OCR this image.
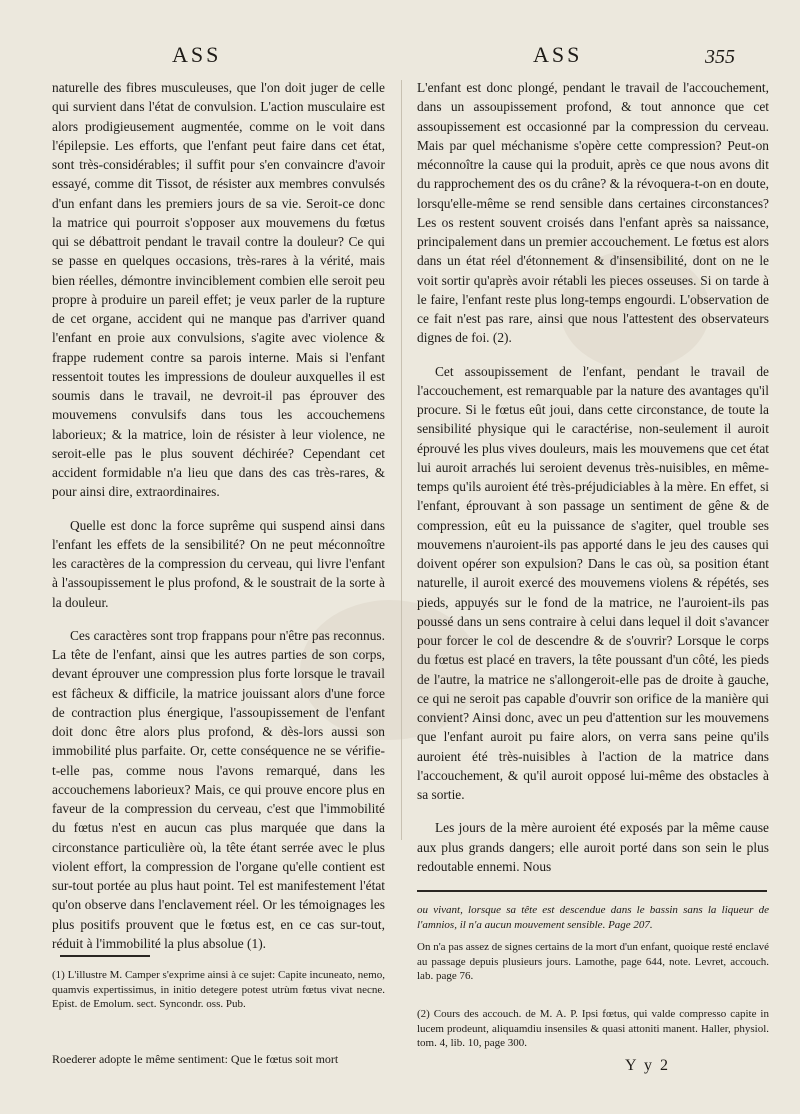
ASS	ASS	355

naturelle des fibres musculeuses, que l'on doit juger de celle qui survient dans l'état de convulsion. L'action musculaire est alors prodigieusement augmentée, comme on le voit dans l'épilepsie. Les efforts, que l'enfant peut faire dans cet état, sont très-considérables; il suffit pour s'en convaincre d'avoir essayé, comme dit Tissot, de résister aux membres convulsés d'un enfant dans les premiers jours de sa vie. Seroit-ce donc la matrice qui pourroit s'opposer aux mouvemens du fœtus qui se débattroit pendant le travail contre la douleur? Ce qui se passe en quelques occasions, très-rares à la vérité, mais bien réelles, démontre invinciblement combien elle seroit peu propre à produire un pareil effet; je veux parler de la rupture de cet organe, accident qui ne manque pas d'arriver quand l'enfant en proie aux convulsions, s'agite avec violence & frappe rudement contre sa parois interne. Mais si l'enfant ressentoit toutes les impressions de douleur auxquelles il est soumis dans le travail, ne devroit-il pas éprouver des mouvemens convulsifs dans tous les accouchemens laborieux; & la matrice, loin de résister à leur violence, ne seroit-elle pas le plus souvent déchirée? Cependant cet accident formidable n'a lieu que dans des cas très-rares, & pour ainsi dire, extraordinaires.

Quelle est donc la force suprême qui suspend ainsi dans l'enfant les effets de la sensibilité? On ne peut méconnoître les caractères de la compression du cerveau, qui livre l'enfant à l'assoupissement le plus profond, & le soustrait de la sorte à la douleur.

Ces caractères sont trop frappans pour n'être pas reconnus. La tête de l'enfant, ainsi que les autres parties de son corps, devant éprouver une compression plus forte lorsque le travail est fâcheux & difficile, la matrice jouissant alors d'une force de contraction plus énergique, l'assoupissement de l'enfant doit donc être alors plus profond, & dès-lors aussi son immobilité plus parfaite. Or, cette conséquence ne se vérifie-t-elle pas, comme nous l'avons remarqué, dans les accouchemens laborieux? Mais, ce qui prouve encore plus en faveur de la compression du cerveau, c'est que l'immobilité du fœtus n'est en aucun cas plus marquée que dans la circonstance particulière où, la tête étant serrée avec le plus violent effort, la compression de l'organe qu'elle contient est sur-tout portée au plus haut point. Tel est manifestement l'état qu'on observe dans l'enclavement réel. Or les témoignages les plus positifs prouvent que le fœtus est, en ce cas sur-tout, réduit à l'immobilité la plus absolue (1).

L'enfant est donc plongé, pendant le travail de l'accouchement, dans un assoupissement profond, & tout annonce que cet assoupissement est occasionné par la compression du cerveau. Mais par quel méchanisme s'opère cette compression? Peut-on méconnoître la cause qui la produit, après ce que nous avons dit du rapprochement des os du crâne? & la révoquera-t-on en doute, lorsqu'elle-même se rend sensible dans certaines circonstances? Les os restent souvent croisés dans l'enfant après sa naissance, principalement dans un premier accouchement. Le fœtus est alors dans un état réel d'étonnement & d'insensibilité, dont on ne le voit sortir qu'après avoir rétabli les pieces osseuses. Si on tarde à le faire, l'enfant reste plus long-temps engourdi. L'observation de ce fait n'est pas rare, ainsi que nous l'attestent des observateurs dignes de foi. (2).

Cet assoupissement de l'enfant, pendant le travail de l'accouchement, est remarquable par la nature des avantages qu'il procure. Si le fœtus eût joui, dans cette circonstance, de toute la sensibilité physique qui le caractérise, non-seulement il auroit éprouvé les plus vives douleurs, mais les mouvemens que cet état lui auroit arrachés lui seroient devenus très-nuisibles, en même-temps qu'ils auroient été très-préjudiciables à la mère. En effet, si l'enfant, éprouvant à son passage un sentiment de gêne & de compression, eût eu la puissance de s'agiter, quel trouble ses mouvemens n'auroient-ils pas apporté dans le jeu des causes qui doivent opérer son expulsion? Dans le cas où, sa position étant naturelle, il auroit exercé des mouvemens violens & répétés, ses pieds, appuyés sur le fond de la matrice, ne l'auroient-ils pas poussé dans un sens contraire à celui dans lequel il doit s'avancer pour forcer le col de descendre & de s'ouvrir? Lorsque le corps du fœtus est placé en travers, la tête poussant d'un côté, les pieds de l'autre, la matrice ne s'allongeroit-elle pas de droite à gauche, ce qui ne seroit pas capable d'ouvrir son orifice de la manière qui convient? Ainsi donc, avec un peu d'attention sur les mouvemens que l'enfant auroit pu faire alors, on verra sans peine qu'ils auroient été très-nuisibles à l'action de la matrice dans l'accouchement, & qu'il auroit opposé lui-même des obstacles à sa sortie.

Les jours de la mère auroient été exposés par la même cause aux plus grands dangers; elle auroit porté dans son sein le plus redoutable ennemi. Nous

(1) L'illustre M. Camper s'exprime ainsi à ce sujet: Capite incuneato, nemo, quamvis expertissimus, in initio detegere potest utrùm fœtus vivat necne. Epist. de Emolum. sect. Syncondr. oss. Pub.
Roederer adopte le même sentiment: Que le fœtus soit mort
ou vivant, lorsque sa tête est descendue dans le bassin sans la liqueur de l'amnios, il n'a aucun mouvement sensible. Page 207.
On n'a pas assez de signes certains de la mort d'un enfant, quoique resté enclavé au passage depuis plusieurs jours. Lamothe, page 644, note. Levret, accouch. lab. page 76.
(2) Cours des accouch. de M. A. P. Ipsi fœtus, qui valde compresso capite in lucem prodeunt, aliquamdiu insensiles & quasi attoniti manent. Haller, physiol. tom. 4, lib. 10, page 300.
Y y 2
